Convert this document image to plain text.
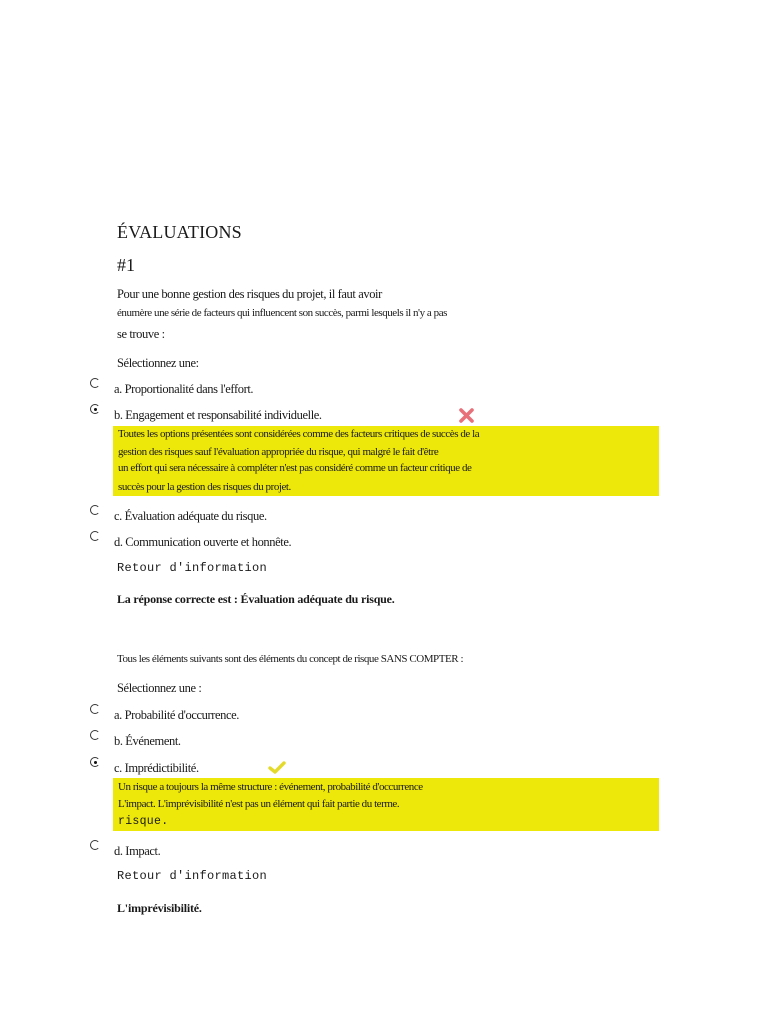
ÉVALUATIONS
#1
Pour une bonne gestion des risques du projet, il faut avoir
énumère une série de facteurs qui influencent son succès, parmi lesquels il n'y a pas
se trouve :
Sélectionnez une:
a. Proportionalité dans l'effort.
b. Engagement et responsabilité individuelle.
Toutes les options présentées sont considérées comme des facteurs critiques de succès de la
gestion des risques sauf l'évaluation appropriée du risque, qui malgré le fait d'être
un effort qui sera nécessaire à compléter n'est pas considéré comme un facteur critique de
succès pour la gestion des risques du projet.
c. Évaluation adéquate du risque.
d. Communication ouverte et honnête.
Retour d'information
La réponse correcte est : Évaluation adéquate du risque.
Tous les éléments suivants sont des éléments du concept de risque SANS COMPTER :
Sélectionnez une :
a. Probabilité d'occurrence.
b. Événement.
c. Imprédictibilité.
Un risque a toujours la même structure : événement, probabilité d'occurrence
L'impact. L'imprévisibilité n'est pas un élément qui fait partie du terme.
risque.
d. Impact.
Retour d'information
L'imprévisibilité.
